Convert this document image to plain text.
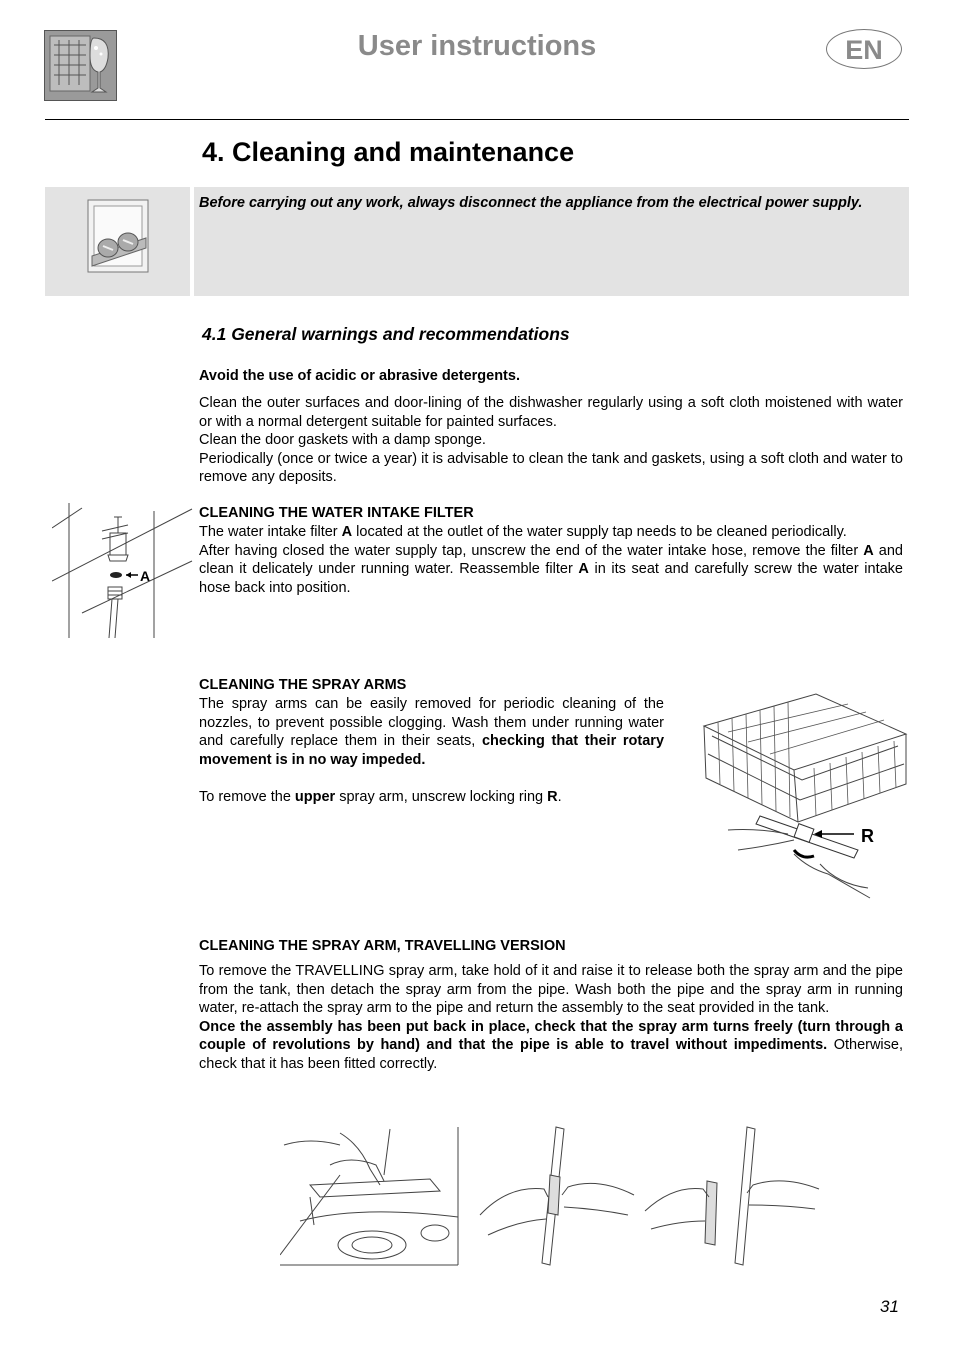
User instructions	EN
4. Cleaning and maintenance
Before carrying out any work, always disconnect the appliance from the electrical power supply.
4.1 General warnings and recommendations
Avoid the use of acidic or abrasive detergents.

Clean the outer surfaces and door-lining of the dishwasher regularly using a soft cloth moistened with water or with a normal detergent suitable for painted surfaces.

Clean the door gaskets with a damp sponge.

Periodically (once or twice a year) it is advisable to clean the tank and gaskets, using a soft cloth and water to remove any deposits.

A
CLEANING THE WATER INTAKE FILTER

The water intake filter A located at the outlet of the water supply tap needs to be cleaned periodically.

After having closed the water supply tap, unscrew the end of the water intake hose, remove the filter A and clean it delicately under running water. Reassemble filter A in its seat and carefully screw the water intake hose back into position.

CLEANING THE SPRAY ARMS

The spray arms can be easily removed for periodic cleaning of the nozzles, to prevent possible clogging. Wash them under running water and carefully replace them in their seats, checking that their rotary movement is in no way impeded.

To remove the upper spray arm, unscrew locking ring R.

R
CLEANING THE SPRAY ARM, TRAVELLING VERSION

To remove the TRAVELLING spray arm, take hold of it and raise it to release both the spray arm and the pipe from the tank, then detach the spray arm from the pipe. Wash both the pipe and the spray arm in running water, re-attach the spray arm to the pipe and return the assembly to the seat provided in the tank.

Once the assembly has been put back in place, check that the spray arm turns freely (turn through a couple of revolutions by hand) and that the pipe is able to travel without impediments. Otherwise, check that it has been fitted correctly.

31
